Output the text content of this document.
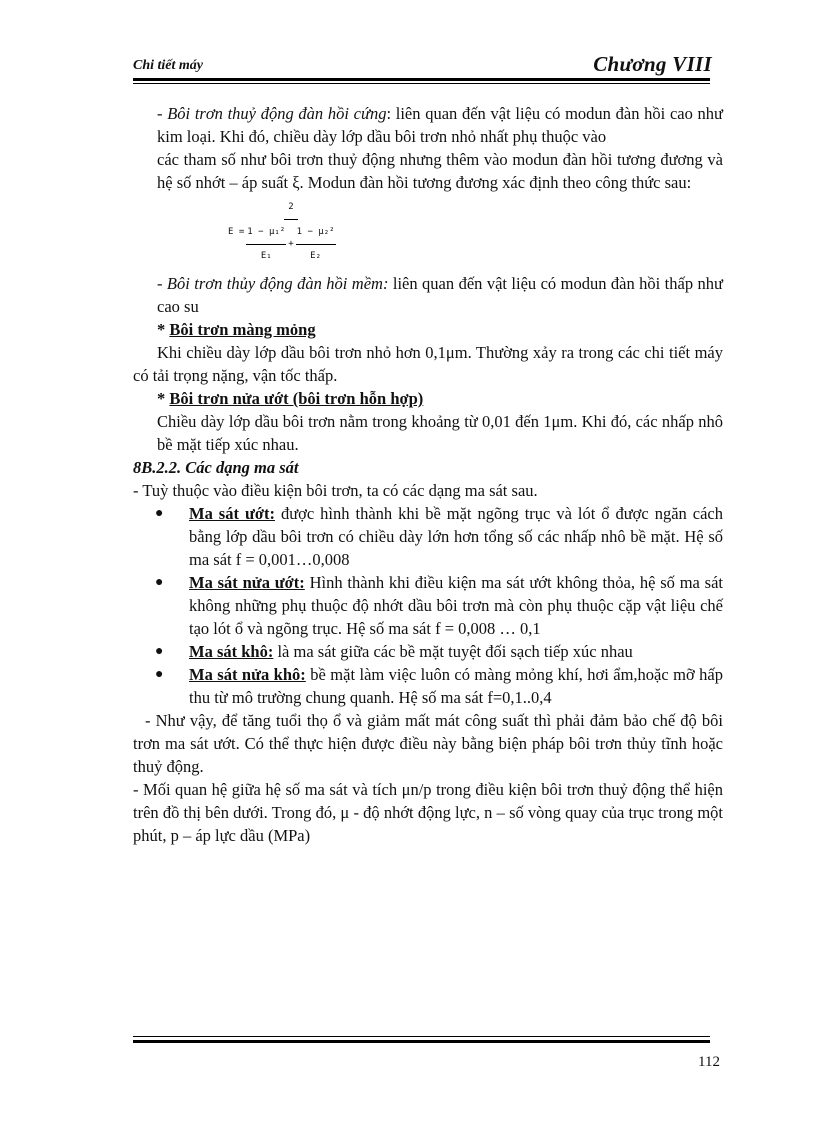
Chi tiết máy	Chương VIII

- Bôi trơn thuỷ động đàn hồi cứng: liên quan đến vật liệu có modun đàn hồi cao như kim loại. Khi đó, chiều dày lớp dầu bôi trơn nhỏ nhất phụ thuộc vào

các tham số như bôi trơn thuỷ động nhưng thêm vào modun đàn hồi tương đương và hệ số nhớt – áp suất ξ. Modun đàn hồi tương đương xác định theo công thức sau:

E =
2
$\frac{\text{1 − μ₁²}}{\text{E₁}} + \frac{\text{1 − μ₂²}}{\text{E₂}}$

- Bôi trơn thủy động đàn hồi mềm: liên quan đến vật liệu có modun đàn hồi thấp như cao su

* Bôi trơn màng mỏng

Khi chiều dày lớp dầu bôi trơn nhỏ hơn 0,1μm. Thường xảy ra trong các chi tiết máy có tải trọng nặng, vận tốc thấp.

* Bôi trơn nửa ướt (bôi trơn hỗn hợp)

Chiều dày lớp dầu bôi trơn nằm trong khoảng từ 0,01 đến 1μm. Khi đó, các nhấp nhô bề mặt tiếp xúc nhau.

8B.2.2. Các dạng ma sát

- Tuỳ thuộc vào điều kiện bôi trơn, ta có các dạng ma sát sau.

● Ma sát ướt: được hình thành khi bề mặt ngõng trục và lót ổ được ngăn cách bằng lớp dầu bôi trơn có chiều dày lớn hơn tổng số các nhấp nhô bề mặt. Hệ số ma sát f = 0,001…0,008
● Ma sát nửa ướt: Hình thành khi điều kiện ma sát ướt không thỏa, hệ số ma sát không những phụ thuộc độ nhớt dầu bôi trơn mà còn phụ thuộc cặp vật liệu chế tạo lót ổ và ngõng trục. Hệ số ma sát f = 0,008 … 0,1
● Ma sát khô: là ma sát giữa các bề mặt tuyệt đối sạch tiếp xúc nhau
● Ma sát nửa khô: bề mặt làm việc luôn có màng mỏng khí, hơi ẩm,hoặc mỡ hấp thu từ mô trường chung quanh. Hệ số ma sát f=0,1..0,4

- Như vậy, để tăng tuổi thọ ổ và giảm mất mát công suất thì phải đảm bảo chế độ bôi trơn ma sát ướt. Có thể thực hiện được điều này bằng biện pháp bôi trơn thủy tĩnh hoặc thuỷ động.

- Mối quan hệ giữa hệ số ma sát và tích μn/p trong điều kiện bôi trơn thuỷ động thể hiện trên đồ thị bên dưới. Trong đó, μ - độ nhớt động lực, n – số vòng quay của trục trong một phút, p – áp lực dầu (MPa)

112
